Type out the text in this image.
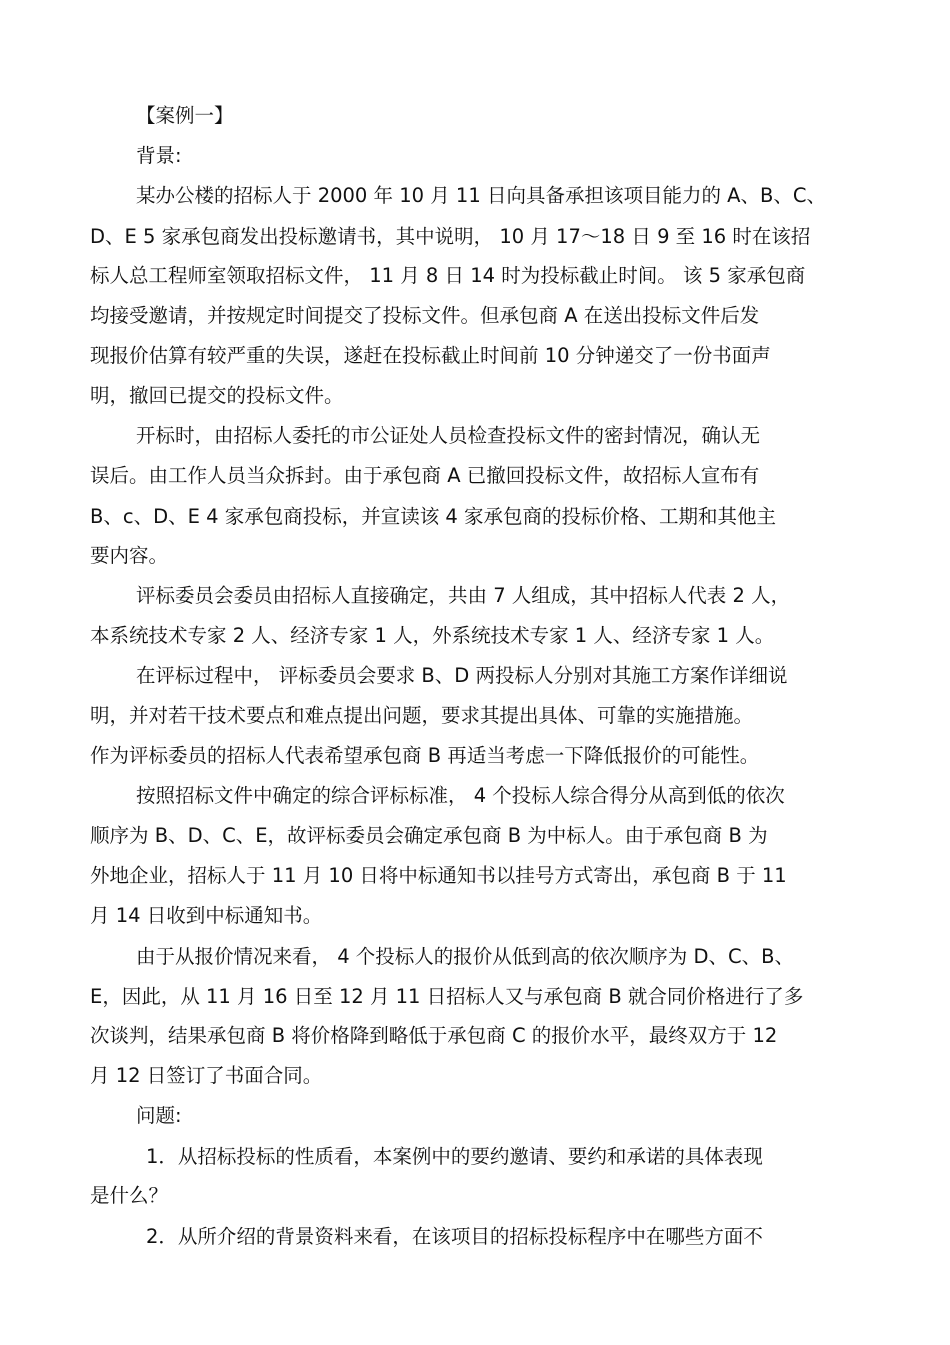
【案例一】
背景:
某办公楼的招标人于 2000 年 10 月 11 日向具备承担该项目能力的 A、B、C、
D、E 5 家承包商发出投标邀请书，其中说明， 10 月 17～18 日 9 至 16 时在该招
标人总工程师室领取招标文件， 11 月 8 日 14 时为投标截止时间。 该 5 家承包商
均接受邀请，并按规定时间提交了投标文件。但承包商 A 在送出投标文件后发
现报价估算有较严重的失误，遂赶在投标截止时间前 10 分钟递交了一份书面声
明，撤回已提交的投标文件。
开标时，由招标人委托的市公证处人员检查投标文件的密封情况，确认无
误后。由工作人员当众拆封。由于承包商 A 已撤回投标文件，故招标人宣布有
B、c、D、E 4 家承包商投标，并宣读该 4 家承包商的投标价格、工期和其他主
要内容。
评标委员会委员由招标人直接确定，共由 7 人组成，其中招标人代表 2 人，
本系统技术专家 2 人、经济专家 1 人，外系统技术专家 1 人、经济专家 1 人。
在评标过程中， 评标委员会要求 B、D 两投标人分别对其施工方案作详细说
明，并对若干技术要点和难点提出问题，要求其提出具体、可靠的实施措施。
作为评标委员的招标人代表希望承包商 B 再适当考虑一下降低报价的可能性。
按照招标文件中确定的综合评标标准， 4 个投标人综合得分从高到低的依次
顺序为 B、D、C、E，故评标委员会确定承包商 B 为中标人。由于承包商 B 为
外地企业，招标人于 11 月 10 日将中标通知书以挂号方式寄出，承包商 B 于 11
月 14 日收到中标通知书。
由于从报价情况来看， 4 个投标人的报价从低到高的依次顺序为 D、C、B、
E，因此，从 11 月 16 日至 12 月 11 日招标人又与承包商 B 就合同价格进行了多
次谈判，结果承包商 B 将价格降到略低于承包商 C 的报价水平，最终双方于 12
月 12 日签订了书面合同。
问题:
1．从招标投标的性质看，本案例中的要约邀请、要约和承诺的具体表现
是什么？
2．从所介绍的背景资料来看，在该项目的招标投标程序中在哪些方面不
